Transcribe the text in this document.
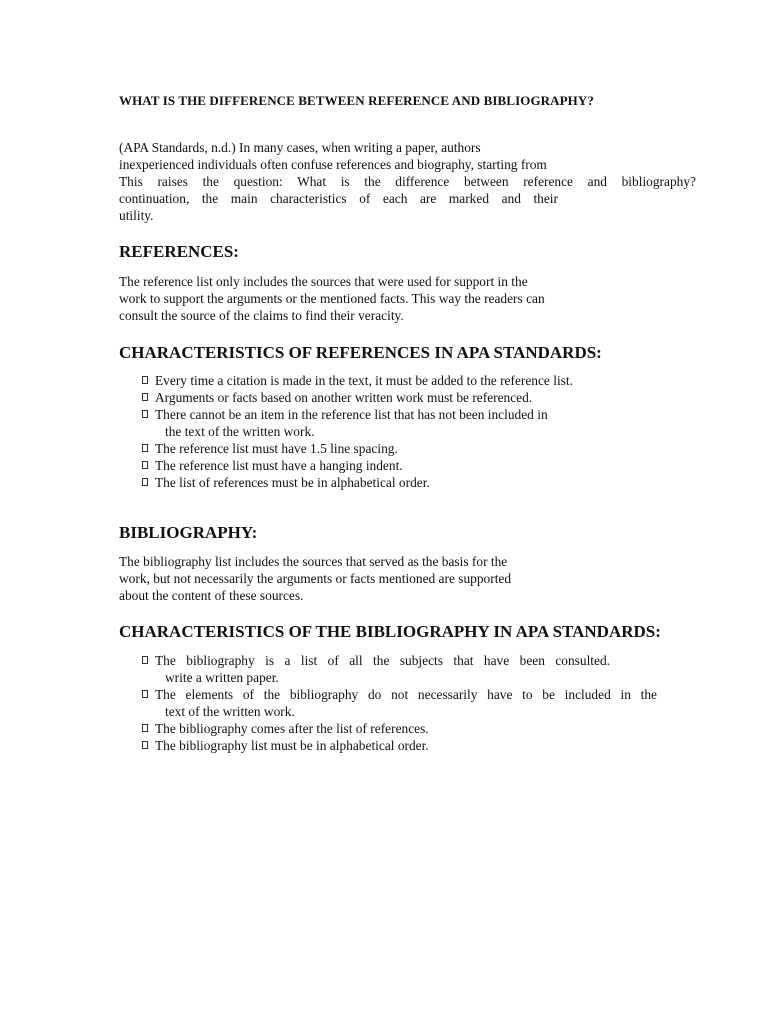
WHAT IS THE DIFFERENCE BETWEEN REFERENCE AND BIBLIOGRAPHY?
(APA Standards, n.d.) In many cases, when writing a paper, authors
inexperienced individuals often confuse references and biography, starting from
This raises the question: What is the difference between reference and bibliography?
continuation, the main characteristics of each are marked and their
utility.
REFERENCES:
The reference list only includes the sources that were used for support in the
work to support the arguments or the mentioned facts. This way the readers can
consult the source of the claims to find their veracity.
CHARACTERISTICS OF REFERENCES IN APA STANDARDS:
Every time a citation is made in the text, it must be added to the reference list.
Arguments or facts based on another written work must be referenced.
There cannot be an item in the reference list that has not been included in
the text of the written work.
The reference list must have 1.5 line spacing.
The reference list must have a hanging indent.
The list of references must be in alphabetical order.
BIBLIOGRAPHY:
The bibliography list includes the sources that served as the basis for the
work, but not necessarily the arguments or facts mentioned are supported
about the content of these sources.
CHARACTERISTICS OF THE BIBLIOGRAPHY IN APA STANDARDS:
The bibliography is a list of all the subjects that have been consulted.
write a written paper.
The elements of the bibliography do not necessarily have to be included in the
text of the written work.
The bibliography comes after the list of references.
The bibliography list must be in alphabetical order.
